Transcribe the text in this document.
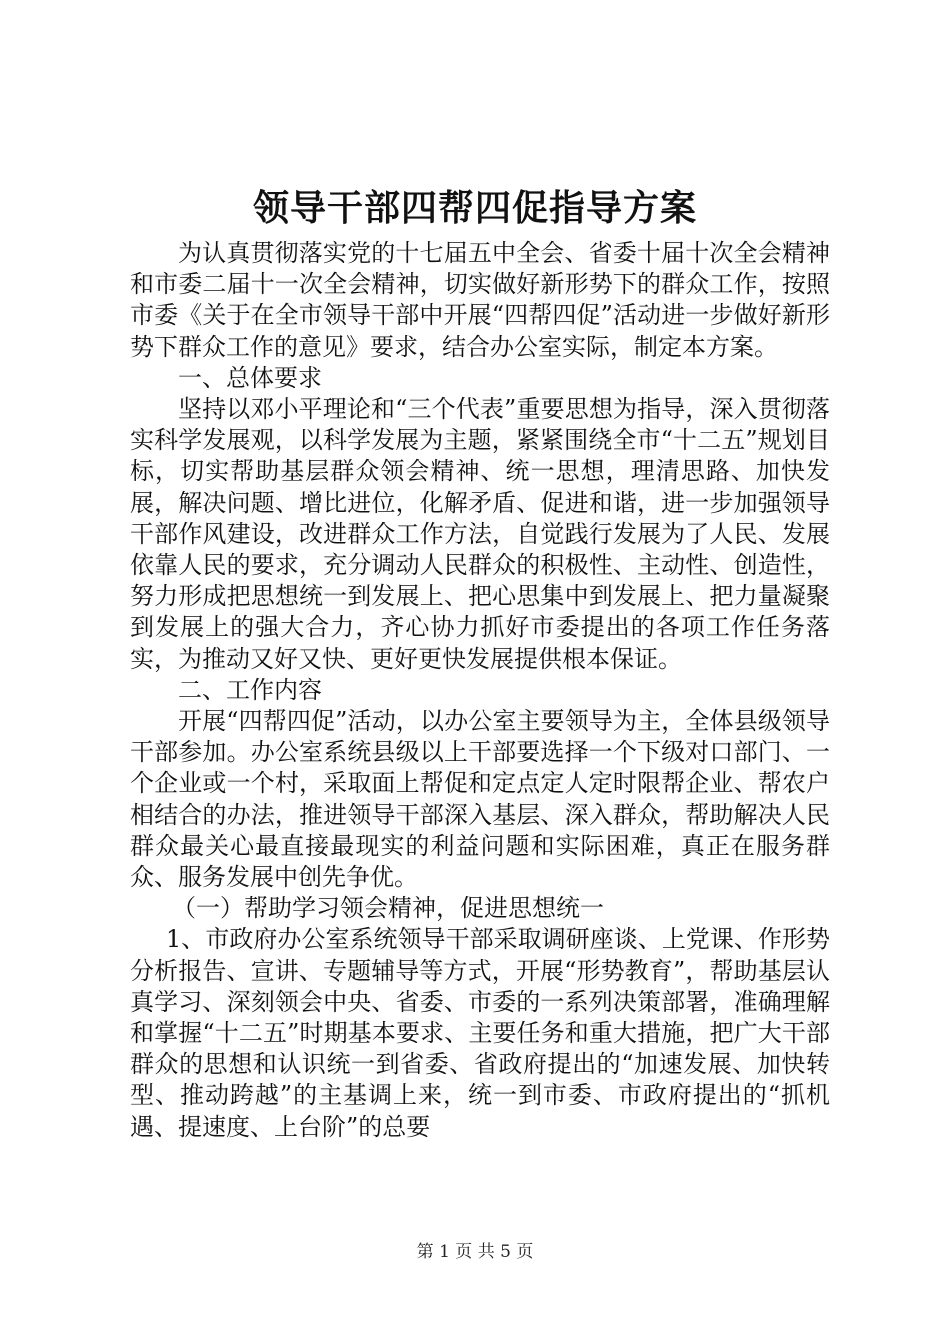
领导干部四帮四促指导方案

为认真贯彻落实党的十七届五中全会、省委十届十次全会精神和市委二届十一次全会精神，切实做好新形势下的群众工作，按照市委《关于在全市领导干部中开展“四帮四促”活动进一步做好新形势下群众工作的意见》要求，结合办公室实际，制定本方案。

一、总体要求

坚持以邓小平理论和“三个代表”重要思想为指导，深入贯彻落实科学发展观，以科学发展为主题，紧紧围绕全市“十二五”规划目标，切实帮助基层群众领会精神、统一思想，理清思路、加快发展，解决问题、增比进位，化解矛盾、促进和谐，进一步加强领导干部作风建设，改进群众工作方法，自觉践行发展为了人民、发展依靠人民的要求，充分调动人民群众的积极性、主动性、创造性，努力形成把思想统一到发展上、把心思集中到发展上、把力量凝聚到发展上的强大合力，齐心协力抓好市委提出的各项工作任务落实，为推动又好又快、更好更快发展提供根本保证。

二、工作内容

开展“四帮四促”活动，以办公室主要领导为主，全体县级领导干部参加。办公室系统县级以上干部要选择一个下级对口部门、一个企业或一个村，采取面上帮促和定点定人定时限帮企业、帮农户相结合的办法，推进领导干部深入基层、深入群众，帮助解决人民群众最关心最直接最现实的利益问题和实际困难，真正在服务群众、服务发展中创先争优。

（一）帮助学习领会精神，促进思想统一

1、市政府办公室系统领导干部采取调研座谈、上党课、作形势分析报告、宣讲、专题辅导等方式，开展“形势教育”，帮助基层认真学习、深刻领会中央、省委、市委的一系列决策部署，准确理解和掌握“十二五”时期基本要求、主要任务和重大措施，把广大干部群众的思想和认识统一到省委、省政府提出的“加速发展、加快转型、推动跨越”的主基调上来，统一到市委、市政府提出的“抓机遇、提速度、上台阶”的总要

第 1 页 共 5 页
